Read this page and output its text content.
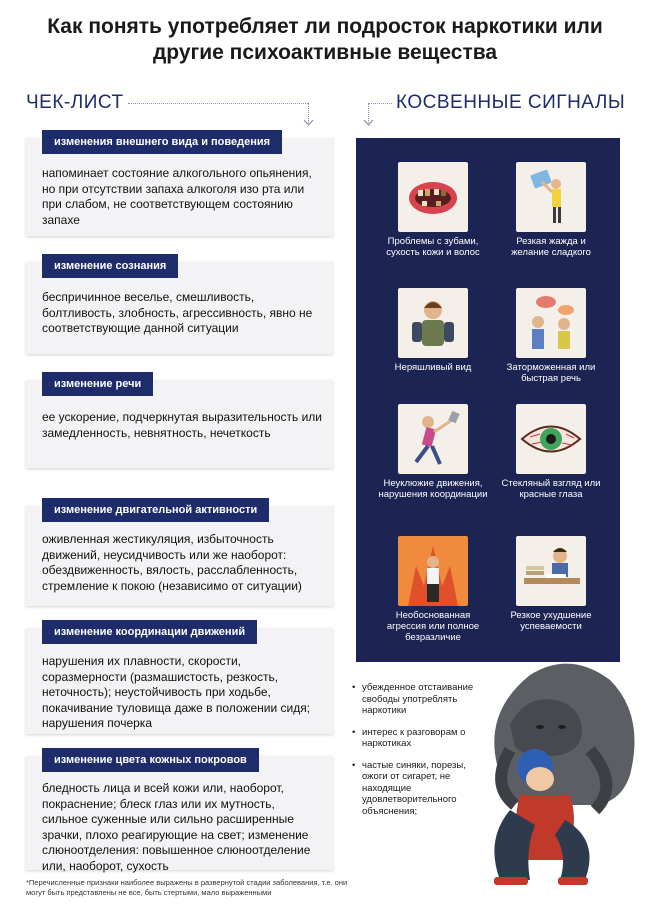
Как понять употребляет ли подросток наркотики или другие психоактивные вещества
ЧЕК-ЛИСТ	КОСВЕННЫЕ СИГНАЛЫ
изменения внешнего вида и поведения
напоминает состояние алкогольного опьянения, но при отсутствии запаха алкоголя изо рта или при слабом, не соответствующем состоянию запахе
изменение сознания
беспричинное веселье, смешливость, болтливость, злобность, агрессивность, явно не соответствующие данной ситуации
изменение речи
ее ускорение, подчеркнутая выразительность или замедленность, невнятность, нечеткость
изменение двигательной активности
оживленная жестикуляция, избыточность движений, неусидчивость или же наоборот: обездвиженность, вялость, расслабленность, стремление к покою (независимо от ситуации)
изменение координации движений
нарушения их плавности, скорости, соразмерности (размашистость, резкость, неточность); неустойчивость при ходьбе, покачивание туловища даже в положении сидя; нарушения почерка
изменение цвета кожных покровов
бледность лица и всей кожи или, наоборот, покраснение; блеск глаз или их мутность, сильное суженные или сильно расширенные зрачки, плохо реагирующие на свет; изменение слюноотделения: повышенное слюноотделение или, наоборот, сухость
Проблемы с зубами, сухость кожи и волос
Резкая жажда и желание сладкого
Неряшливый вид	Заторможенная или быстрая речь
Неуклюжие движения, нарушения координации
Стекляный взгляд или красные глаза
Необоснованная агрессия или полное безразличие
Резкое ухудшение успеваемости
• убежденное отстаивание свободы употреблять наркотики
• интерес к разговорам о наркотиках
• частые синяки, порезы, ожоги от сигарет, не находящие удовлетворительного объяснения;
*Перечисленные признаки наиболее выражены в развернутой стадии заболевания, т.е. они могут быть представлены не все, быть стертыми, мало выраженными
